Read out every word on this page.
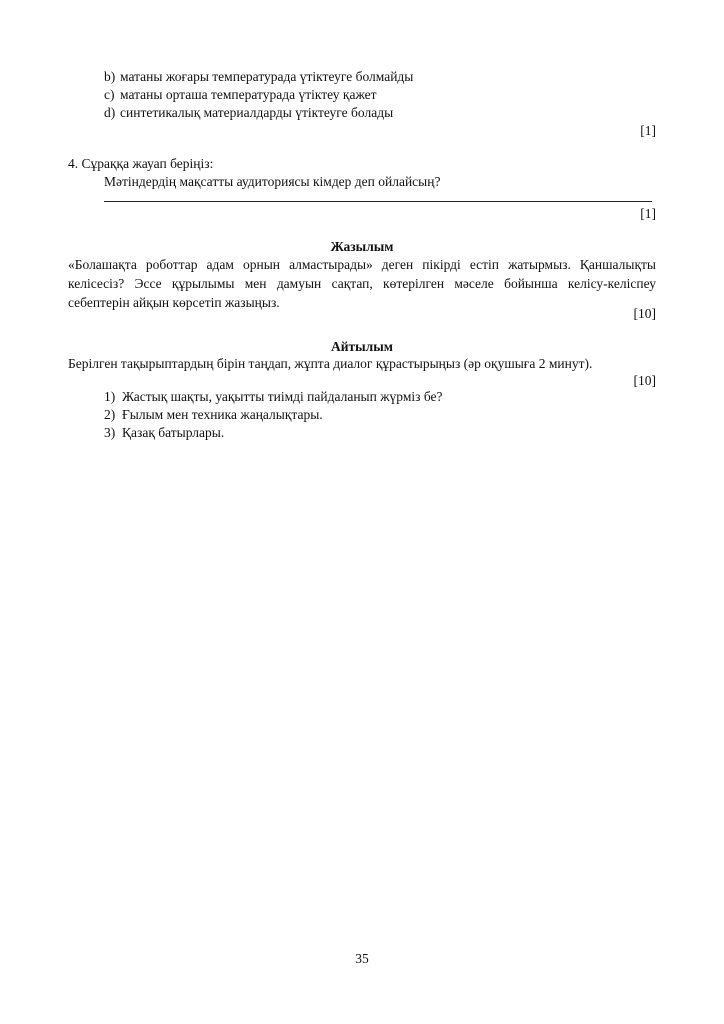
b) матаны жоғары температурада үтіктеуге болмайды
c) матаны орташа температурада үтіктеу қажет
d) синтетикалық материалдарды үтіктеуге болады
[1]
4. Сұраққа жауап беріңіз:
Мәтіндердің мақсатты аудиториясы кімдер деп ойлайсың?
[1]
Жазылым
«Болашақта роботтар адам орнын алмастырады» деген пікірді естіп жатырмыз. Қаншалықты келісесіз? Эссе құрылымы мен дамуын сақтап, көтерілген мәселе бойынша келісу-келіспеу себептерін айқын көрсетіп жазыңыз.
[10]
Айтылым
Берілген тақырыптардың бірін таңдап, жұпта диалог құрастырыңыз (әр оқушыға 2 минут).
[10]
1) Жастық шақты, уақытты тиімді пайдаланып жүрміз бе?
2) Ғылым мен техника жаңалықтары.
3) Қазақ батырлары.
35
